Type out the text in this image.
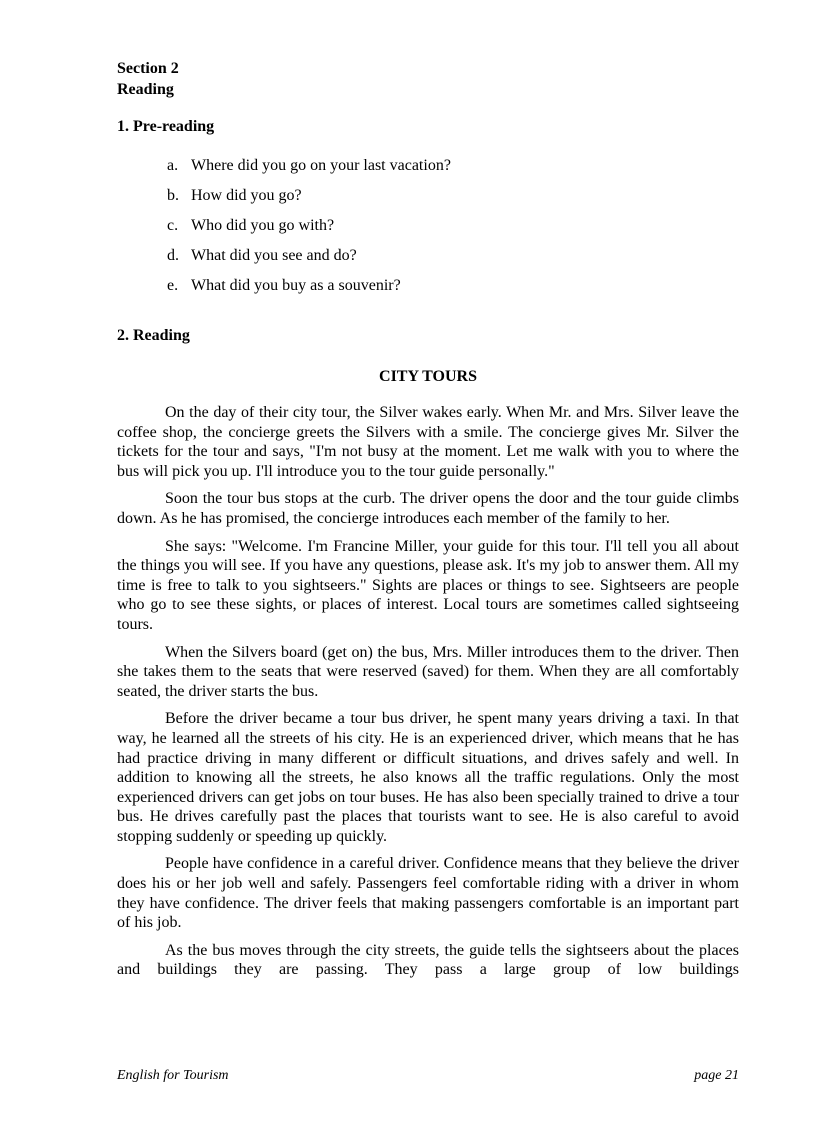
Section 2
Reading
1. Pre-reading
a. Where did you go on your last vacation?
b. How did you go?
c. Who did you go with?
d. What did you see and do?
e. What did you buy as a souvenir?
2. Reading
CITY TOURS

On the day of their city tour, the Silver wakes early. When Mr. and Mrs. Silver leave the coffee shop, the concierge greets the Silvers with a smile. The concierge gives Mr. Silver the tickets for the tour and says, "I'm not busy at the moment. Let me walk with you to where the bus will pick you up. I'll introduce you to the tour guide personally."

Soon the tour bus stops at the curb. The driver opens the door and the tour guide climbs down. As he has promised, the concierge introduces each member of the family to her.

She says: "Welcome. I'm Francine Miller, your guide for this tour. I'll tell you all about the things you will see. If you have any questions, please ask. It's my job to answer them. All my time is free to talk to you sightseers." Sights are places or things to see. Sightseers are people who go to see these sights, or places of interest. Local tours are sometimes called sightseeing tours.

When the Silvers board (get on) the bus, Mrs. Miller introduces them to the driver. Then she takes them to the seats that were reserved (saved) for them. When they are all comfortably seated, the driver starts the bus.

Before the driver became a tour bus driver, he spent many years driving a taxi. In that way, he learned all the streets of his city. He is an experienced driver, which means that he has had practice driving in many different or difficult situations, and drives safely and well. In addition to knowing all the streets, he also knows all the traffic regulations. Only the most experienced drivers can get jobs on tour buses. He has also been specially trained to drive a tour bus. He drives carefully past the places that tourists want to see. He is also careful to avoid stopping suddenly or speeding up quickly.

People have confidence in a careful driver. Confidence means that they believe the driver does his or her job well and safely. Passengers feel comfortable riding with a driver in whom they have confidence. The driver feels that making passengers comfortable is an important part of his job.

As the bus moves through the city streets, the guide tells the sightseers about the places and buildings they are passing. They pass a large group of low buildings

English for Tourism	page 21
